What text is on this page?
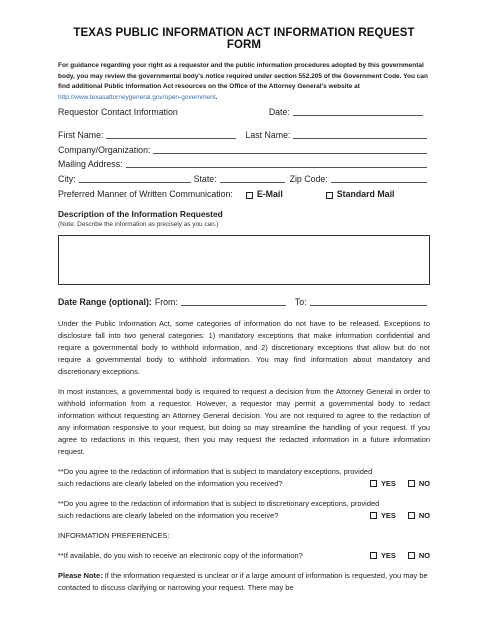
TEXAS PUBLIC INFORMATION ACT INFORMATION REQUEST FORM
For guidance regarding your right as a requestor and the public information procedures adopted by this governmental body, you may review the governmental body's notice required under section 552.205 of the Government Code. You can find additional Public Information Act resources on the Office of the Attorney General's website at http://www.texasattorneygeneral.gov/open-government.
Requestor Contact Information	Date:
First Name:	Last Name:
Company/Organization:
Mailing Address:
City:	State:	Zip Code:
Preferred Manner of Written Communication:	E-Mail	Standard Mail
Description of the Information Requested
(Note: Describe the information as precisely as you can.)
Date Range (optional): From:	To:
Under the Public Information Act, some categories of information do not have to be released. Exceptions to disclosure fall into two general categories: 1) mandatory exceptions that make information confidential and require a governmental body to withhold information, and 2) discretionary exceptions that allow but do not require a governmental body to withhold information. You may find information about mandatory and discretionary exceptions.
In most instances, a governmental body is required to request a decision from the Attorney General in order to withhold information from a requestor. However, a requestor may permit a governmental body to redact information without requesting an Attorney General decision. You are not required to agree to the redaction of any information responsive to your request, but doing so may streamline the handling of your request. If you agree to redactions in this request, then you may request the redacted information in a future information request.
**Do you agree to the redaction of information that is subject to mandatory exceptions, provided
such redactions are clearly labeled on the information you received?	YES	NO
**Do you agree to the redaction of information that is subject to discretionary exceptions, provided
such redactions are clearly labeled on the information you receive?	YES	NO
INFORMATION PREFERENCES:
**If available, do you wish to receive an electronic copy of the information?	YES	NO
Please Note: If the information requested is unclear or if a large amount of information is requested, you may be contacted to discuss clarifying or narrowing your request. There may be
